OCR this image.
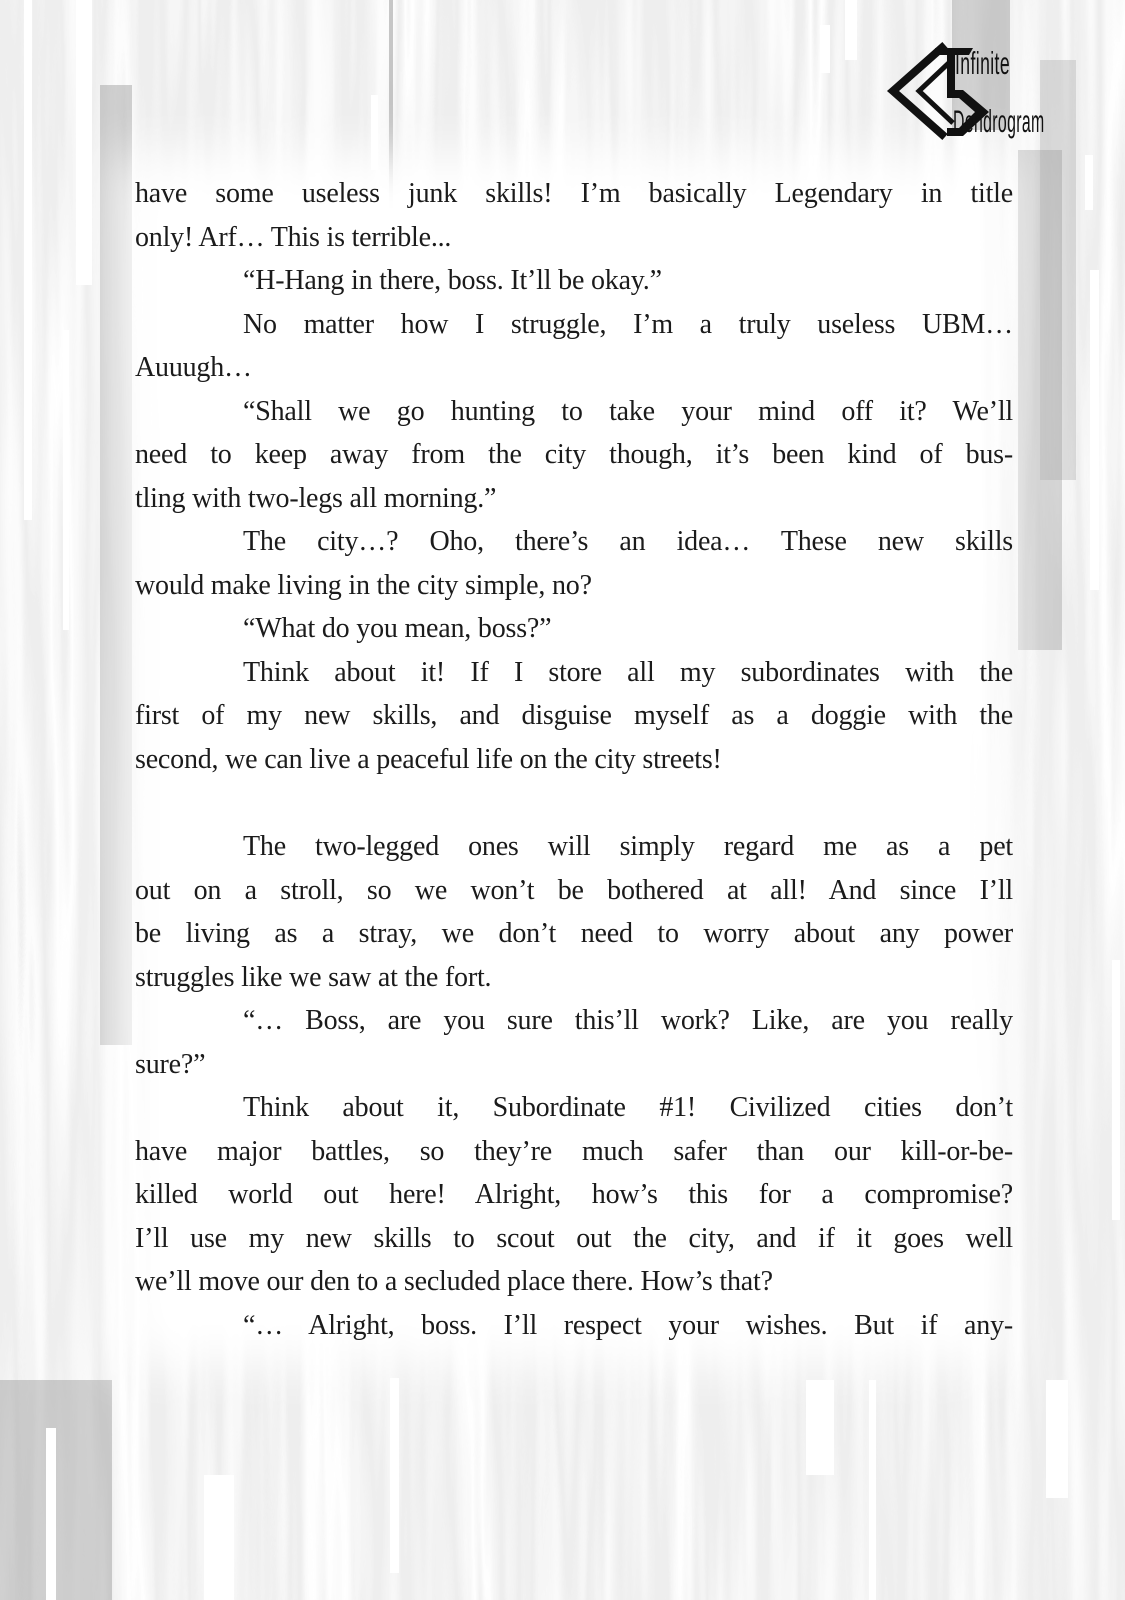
Infinite
Dendrogram
have some useless junk skills! I’m basically Legendary in title
only! Arf… This is terrible...
“H-Hang in there, boss. It’ll be okay.”
No matter how I struggle, I’m a truly useless UBM…
Auuugh…
“Shall we go hunting to take your mind off it? We’ll
need to keep away from the city though, it’s been kind of bus-
tling with two-legs all morning.”
The city…? Oho, there’s an idea… These new skills
would make living in the city simple, no?
“What do you mean, boss?”
Think about it! If I store all my subordinates with the
first of my new skills, and disguise myself as a doggie with the
second, we can live a peaceful life on the city streets!
The two-legged ones will simply regard me as a pet
out on a stroll, so we won’t be bothered at all! And since I’ll
be living as a stray, we don’t need to worry about any power
struggles like we saw at the fort.
“… Boss, are you sure this’ll work? Like, are you really
sure?”
Think about it, Subordinate #1! Civilized cities don’t
have major battles, so they’re much safer than our kill-or-be-
killed world out here! Alright, how’s this for a compromise?
I’ll use my new skills to scout out the city, and if it goes well
we’ll move our den to a secluded place there. How’s that?
“… Alright, boss. I’ll respect your wishes. But if any-
